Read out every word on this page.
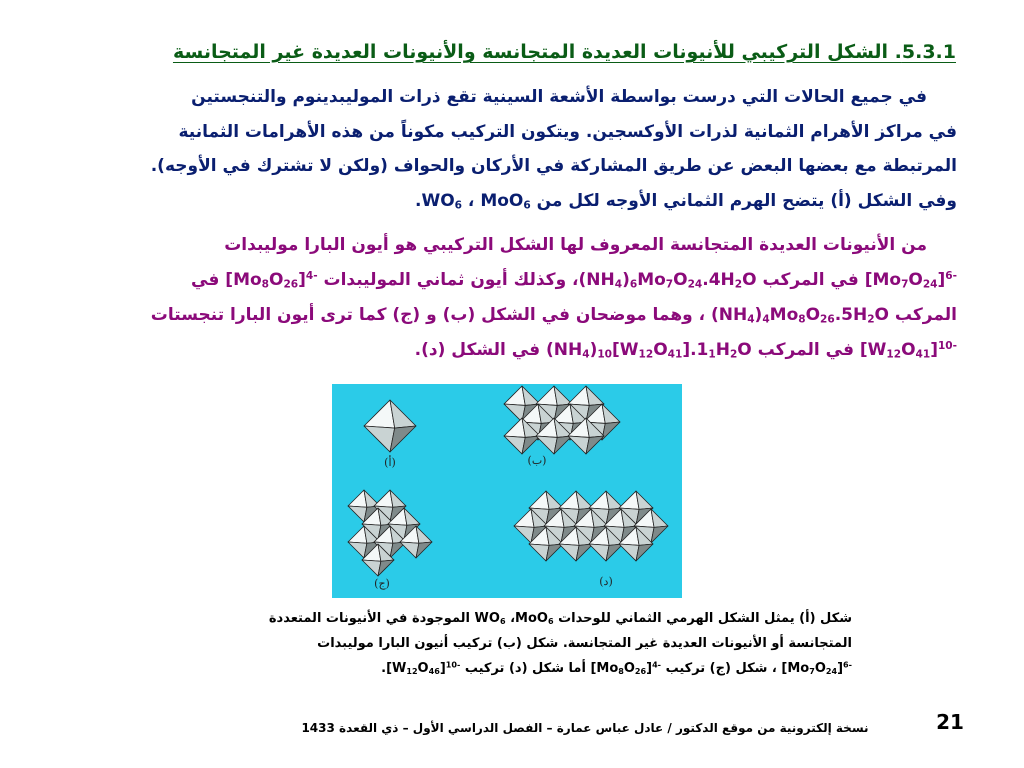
5.3.1. الشكل التركيبي للأنيونات العديدة المتجانسة والأنيونات العديدة غير المتجانسة
في جميع الحالات التي درست بواسطة الأشعة السينية تقع ذرات الموليبدينوم والتنجستين
في مراكز الأهرام الثمانية لذرات الأوكسجين. ويتكون التركيب مكوناً من هذه الأهرامات الثمانية
المرتبطة مع بعضها البعض عن طريق المشاركة في الأركان والحواف (ولكن لا تشترك في الأوجه).
وفي الشكل (أ) يتضح الهرم الثماني الأوجه لكل من MoO$_6$ ، $WO_6$.
من الأنيونات العديدة المتجانسة المعروف لها الشكل التركيبي هو أيون البارا موليبدات
$[Mo_7O_{24}]^{6-}$ في المركب $(NH_4)_6Mo_7O_{24}.4H_2O،$ وكذلك أيون ثماني الموليبدات $[Mo_8O_{26}]^{4-}$ في
المركب $(NH_4)_4Mo_8O_{26}.5H_2O$ ، وهما موضحان في الشكل (ب) و (ج) كما ترى أيون البارا تنجستات
$[W_{12}O_{41}]^{10-}$ في المركب $(NH_4)_{10}[W_{12}O_{41}].1_1H_2O$ في الشكل (د).
(أ)	(ب)
(ج)	(د)
شكل (أ) يمثل الشكل الهرمي الثماني للوحدات MoO$_6$، $WO_6$ الموجودة في الأنيونات المتعددة
المتجانسة أو الأنيونات العديدة غير المتجانسة. شكل (ب) تركيب أنيون البارا موليبدات
$[Mo_7O_{24}]^{6-}$ ، شكل (ج) تركيب $[Mo_8O_{26}]^{4-}$ أما شكل (د) تركيب $[W_{12}O_{46}]^{10-}$.
نسخة إلكترونية من موقع الدكتور / عادل عباس عمارة – الفصل الدراسي الأول – ذي القعدة 1433	21
